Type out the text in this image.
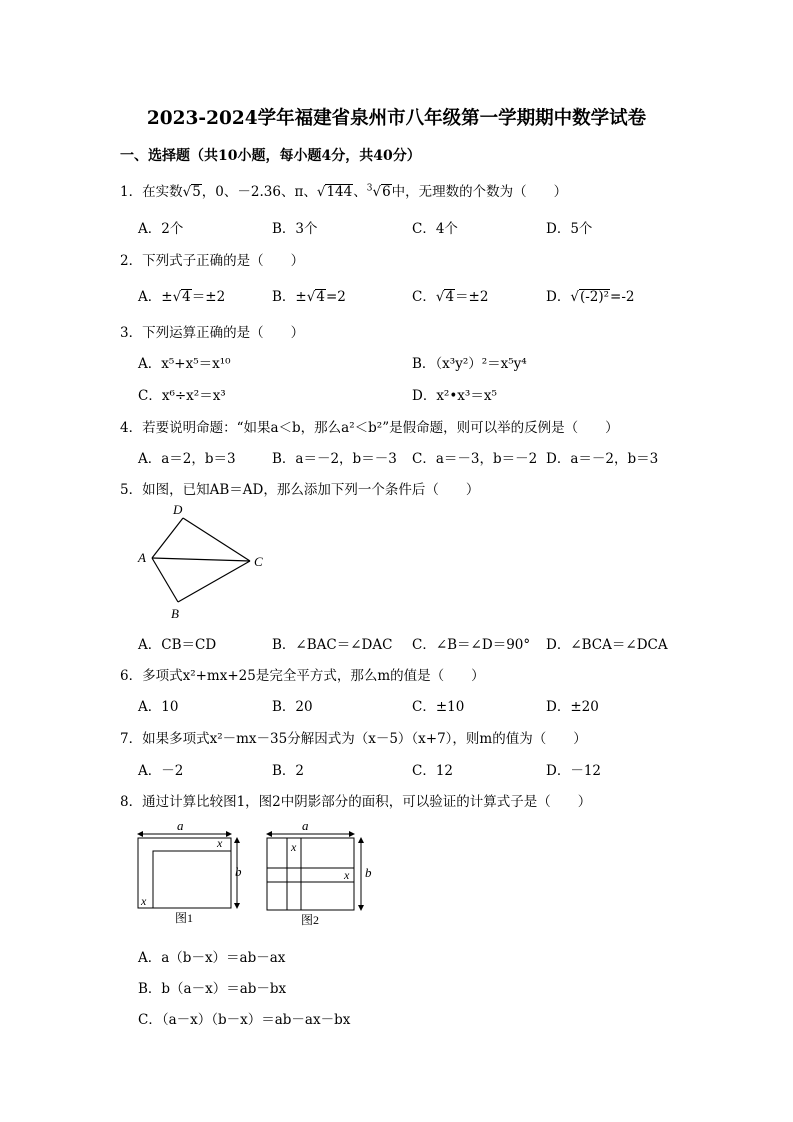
2023-2024学年福建省泉州市八年级第一学期期中数学试卷
一、选择题（共10小题，每小题4分，共40分）
1．在实数√5，0、－2.36、π、√144、$^3$√6中，无理数的个数为（　　）
A．2个	B．3个	C．4个	D．5个
2．下列式子正确的是（　　）
A．±√4＝±2	B．±√4=2	C．√4＝±2	D．√(-2)²=-2
3．下列运算正确的是（　　）
A．x⁵+x⁵＝x¹⁰	B．（x³y²）²＝x⁵y⁴
C．x⁶÷x²＝x³	D．x²•x³＝x⁵
4．若要说明命题：“如果a＜b，那么a²＜b²”是假命题，则可以举的反例是（　　）
A．a＝2，b＝3	B．a＝－2，b＝－3 C．a＝－3，b＝－2 D．a＝－2，b＝3
5．如图，已知AB＝AD，那么添加下列一个条件后（　　）
D
A	C
B
A．CB＝CD	B．∠BAC＝∠DAC C．∠B＝∠D＝90° D．∠BCA＝∠DCA
6．多项式x²+mx+25是完全平方式，那么m的值是（　　）
A．10	B．20	C．±10	D．±20
7．如果多项式x²－mx－35分解因式为（x－5）（x+7），则m的值为（　　）
A．－2	B．2	C．12	D．－12
8．通过计算比较图1，图2中阴影部分的面积，可以验证的计算式子是（　　）
a
x
x
b
图1
a
x
x b
图2
A．a（b－x）＝ab－ax
B．b（a－x）＝ab－bx
C．（a－x）（b－x）＝ab－ax－bx
